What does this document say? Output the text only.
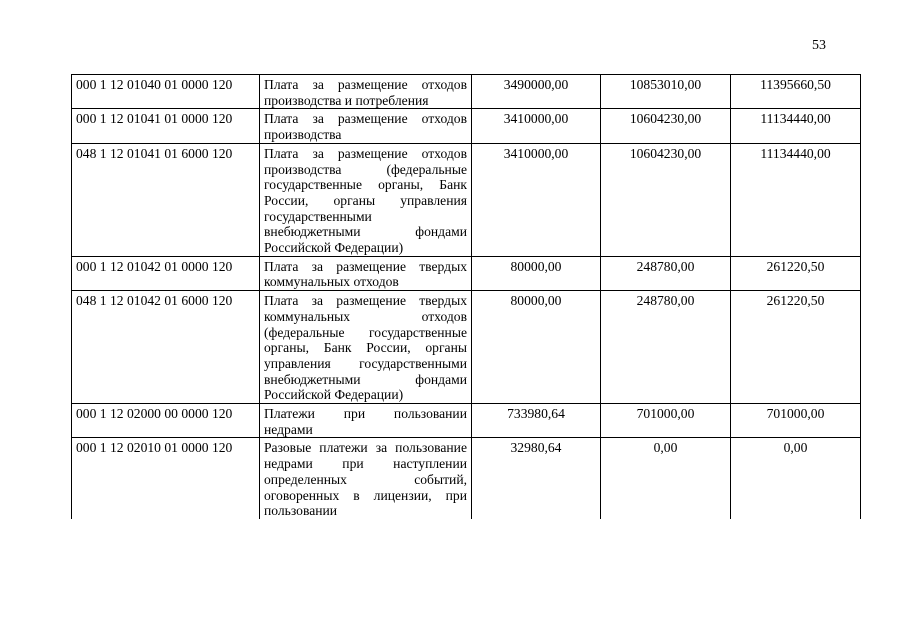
53
000 1 12 01040 01 0000 120	Плата за размещение отходов производства и потребления	3490000,00	10853010,00	11395660,50
000 1 12 01041 01 0000 120	Плата за размещение отходов производства	3410000,00	10604230,00	11134440,00
048 1 12 01041 01 6000 120	Плата за размещение отходов производства (федеральные государственные органы, Банк России, органы управления государственными внебюджетными фондами Российской Федерации)	3410000,00	10604230,00	11134440,00
000 1 12 01042 01 0000 120	Плата за размещение твердых коммунальных отходов	80000,00	248780,00	261220,50
048 1 12 01042 01 6000 120	Плата за размещение твердых коммунальных отходов (федеральные государственные органы, Банк России, органы управления государственными внебюджетными фондами Российской Федерации)	80000,00	248780,00	261220,50
000 1 12 02000 00 0000 120	Платежи при пользовании недрами	733980,64	701000,00	701000,00
000 1 12 02010 01 0000 120	Разовые платежи за пользование недрами при наступлении определенных событий, оговоренных в лицензии, при пользовании	32980,64	0,00	0,00
